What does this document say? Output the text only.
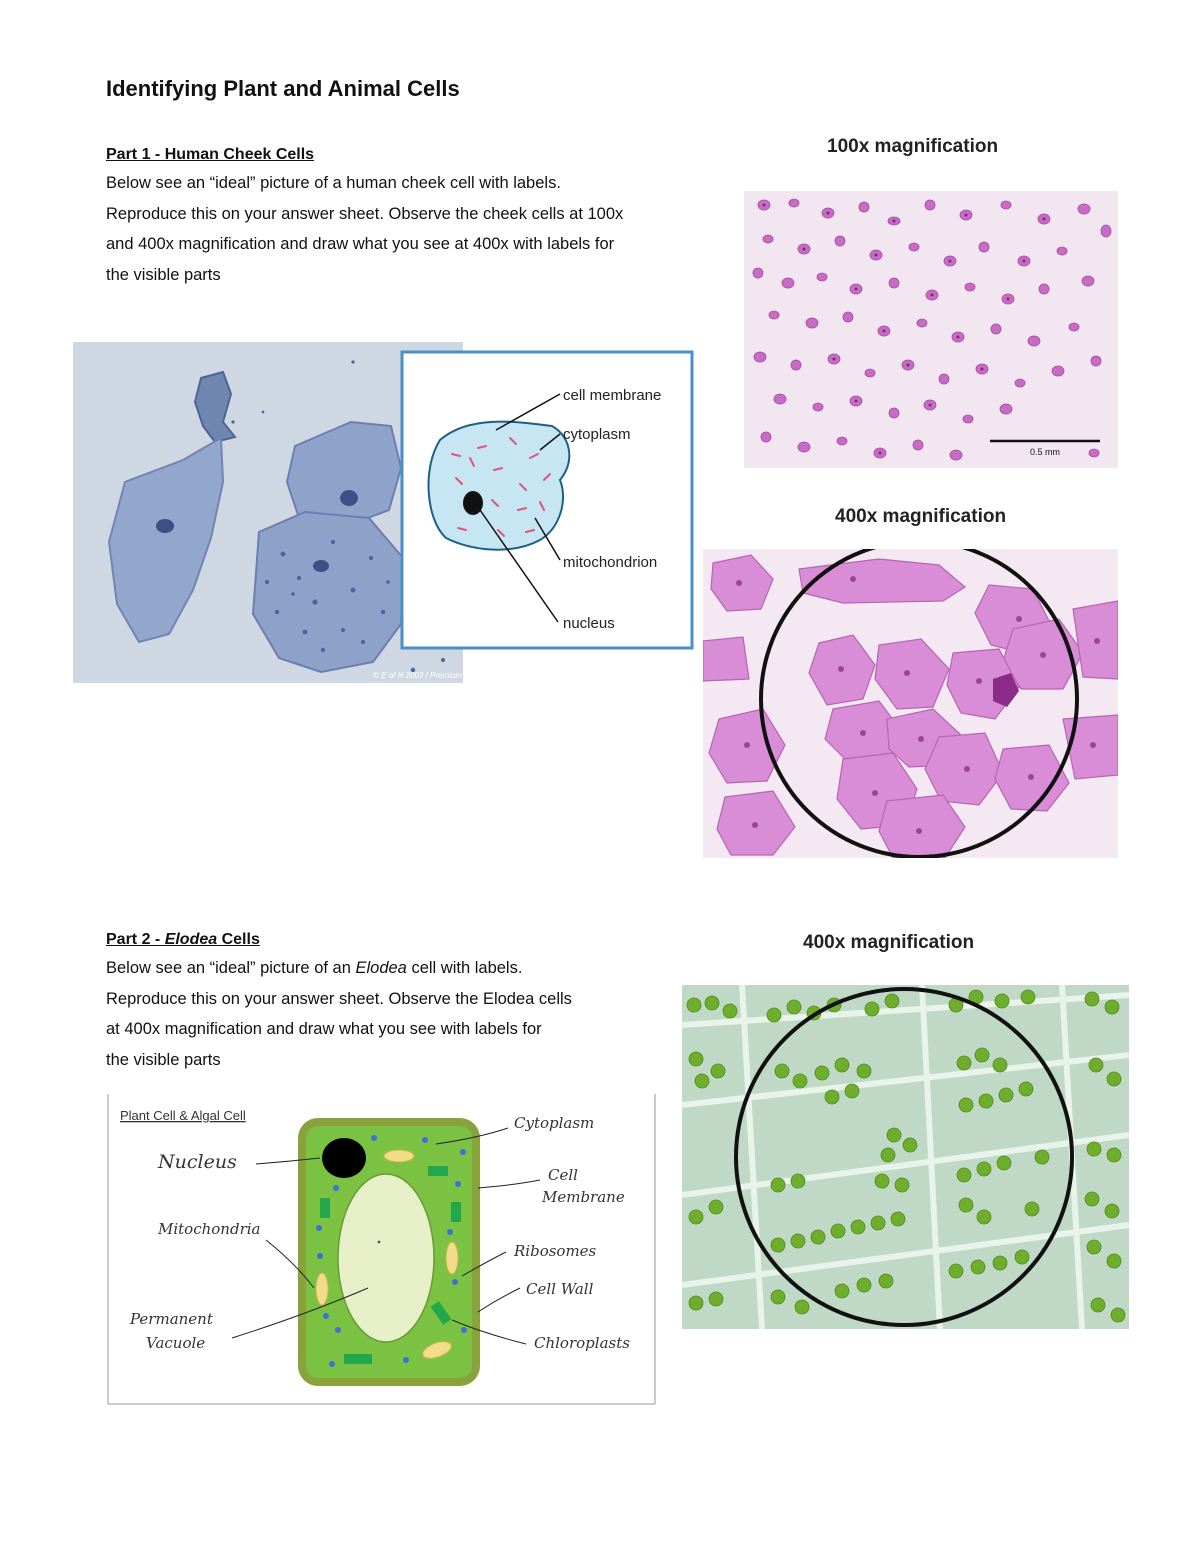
Identifying Plant and Animal Cells
Part 1 - Human Cheek Cells
Below see an “ideal” picture of a human cheek cell with labels.
Reproduce this on your answer sheet. Observe the cheek cells at 100x
and 400x magnification and draw what you see at 400x with labels for
the visible parts
© E of N 2003 / Premium
cell membrane
cytoplasm
mitochondrion
nucleus
100x magnification
0.5 mm
400x magnification
Part 2 - Elodea Cells
Below see an “ideal” picture of an Elodea cell with labels.
Reproduce this on your answer sheet. Observe the Elodea cells
at 400x magnification and draw what you see with labels for
the visible parts
Plant Cell & Algal Cell
Nucleus
Mitochondria
Permanent
Vacuole
Cytoplasm
Cell
Membrane
Ribosomes
Cell Wall
Chloroplasts
400x magnification
